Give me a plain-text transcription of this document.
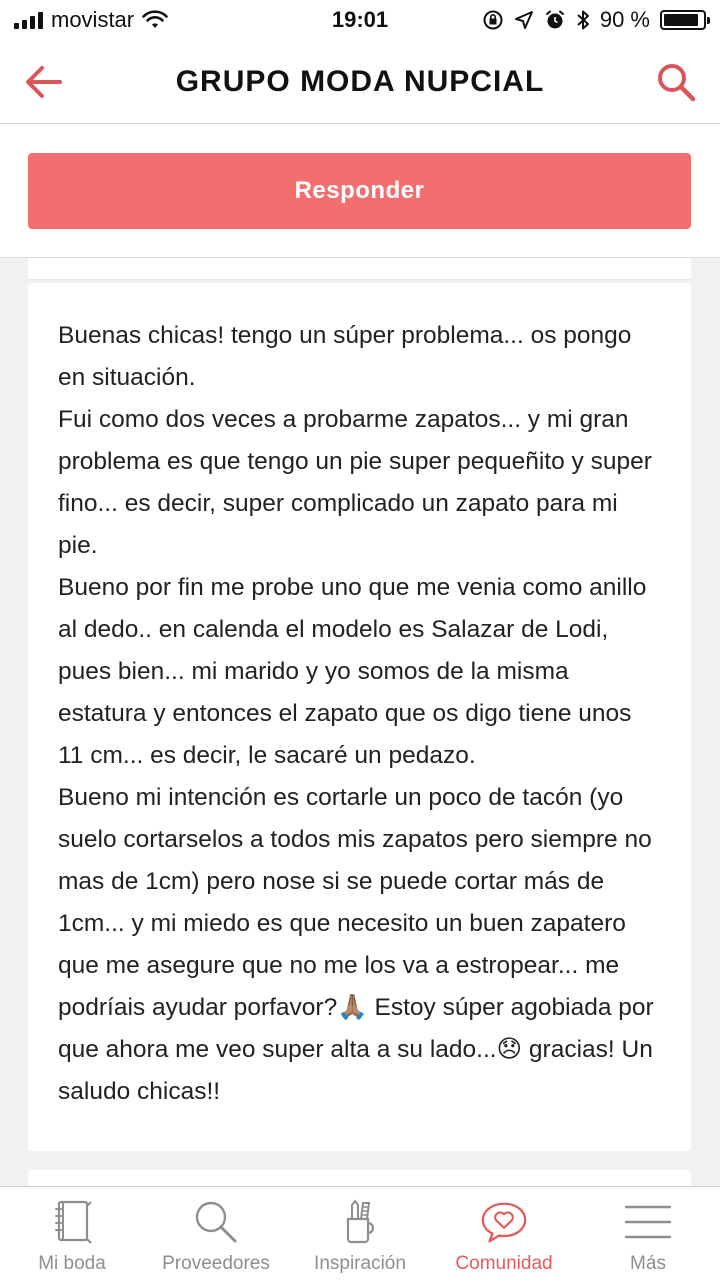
movistar	19:01	90 %
GRUPO MODA NUPCIAL
Responder
Buenas chicas! tengo un súper problema... os pongo en situación.
Fui como dos veces a probarme zapatos... y mi gran problema es que tengo un pie super pequeñito y super fino... es decir, super complicado un zapato para mi pie.
Bueno por fin me probe uno que me venia como anillo al dedo.. en calenda el modelo es Salazar de Lodi, pues bien... mi marido y yo somos de la misma estatura y entonces el zapato que os digo tiene unos 11 cm... es decir, le sacaré un pedazo.
Bueno mi intención es cortarle un poco de tacón (yo suelo cortarselos a todos mis zapatos pero siempre no mas de 1cm) pero nose si se puede cortar más de 1cm... y mi miedo es que necesito un buen zapatero que me asegure que no me los va a estropear... me podríais ayudar porfavor?🙏🏽 Estoy súper agobiada por que ahora me veo super alta a su lado...😞 gracias! Un saludo chicas!!
Mi boda	Proveedores Inspiración	Comunidad	Más
